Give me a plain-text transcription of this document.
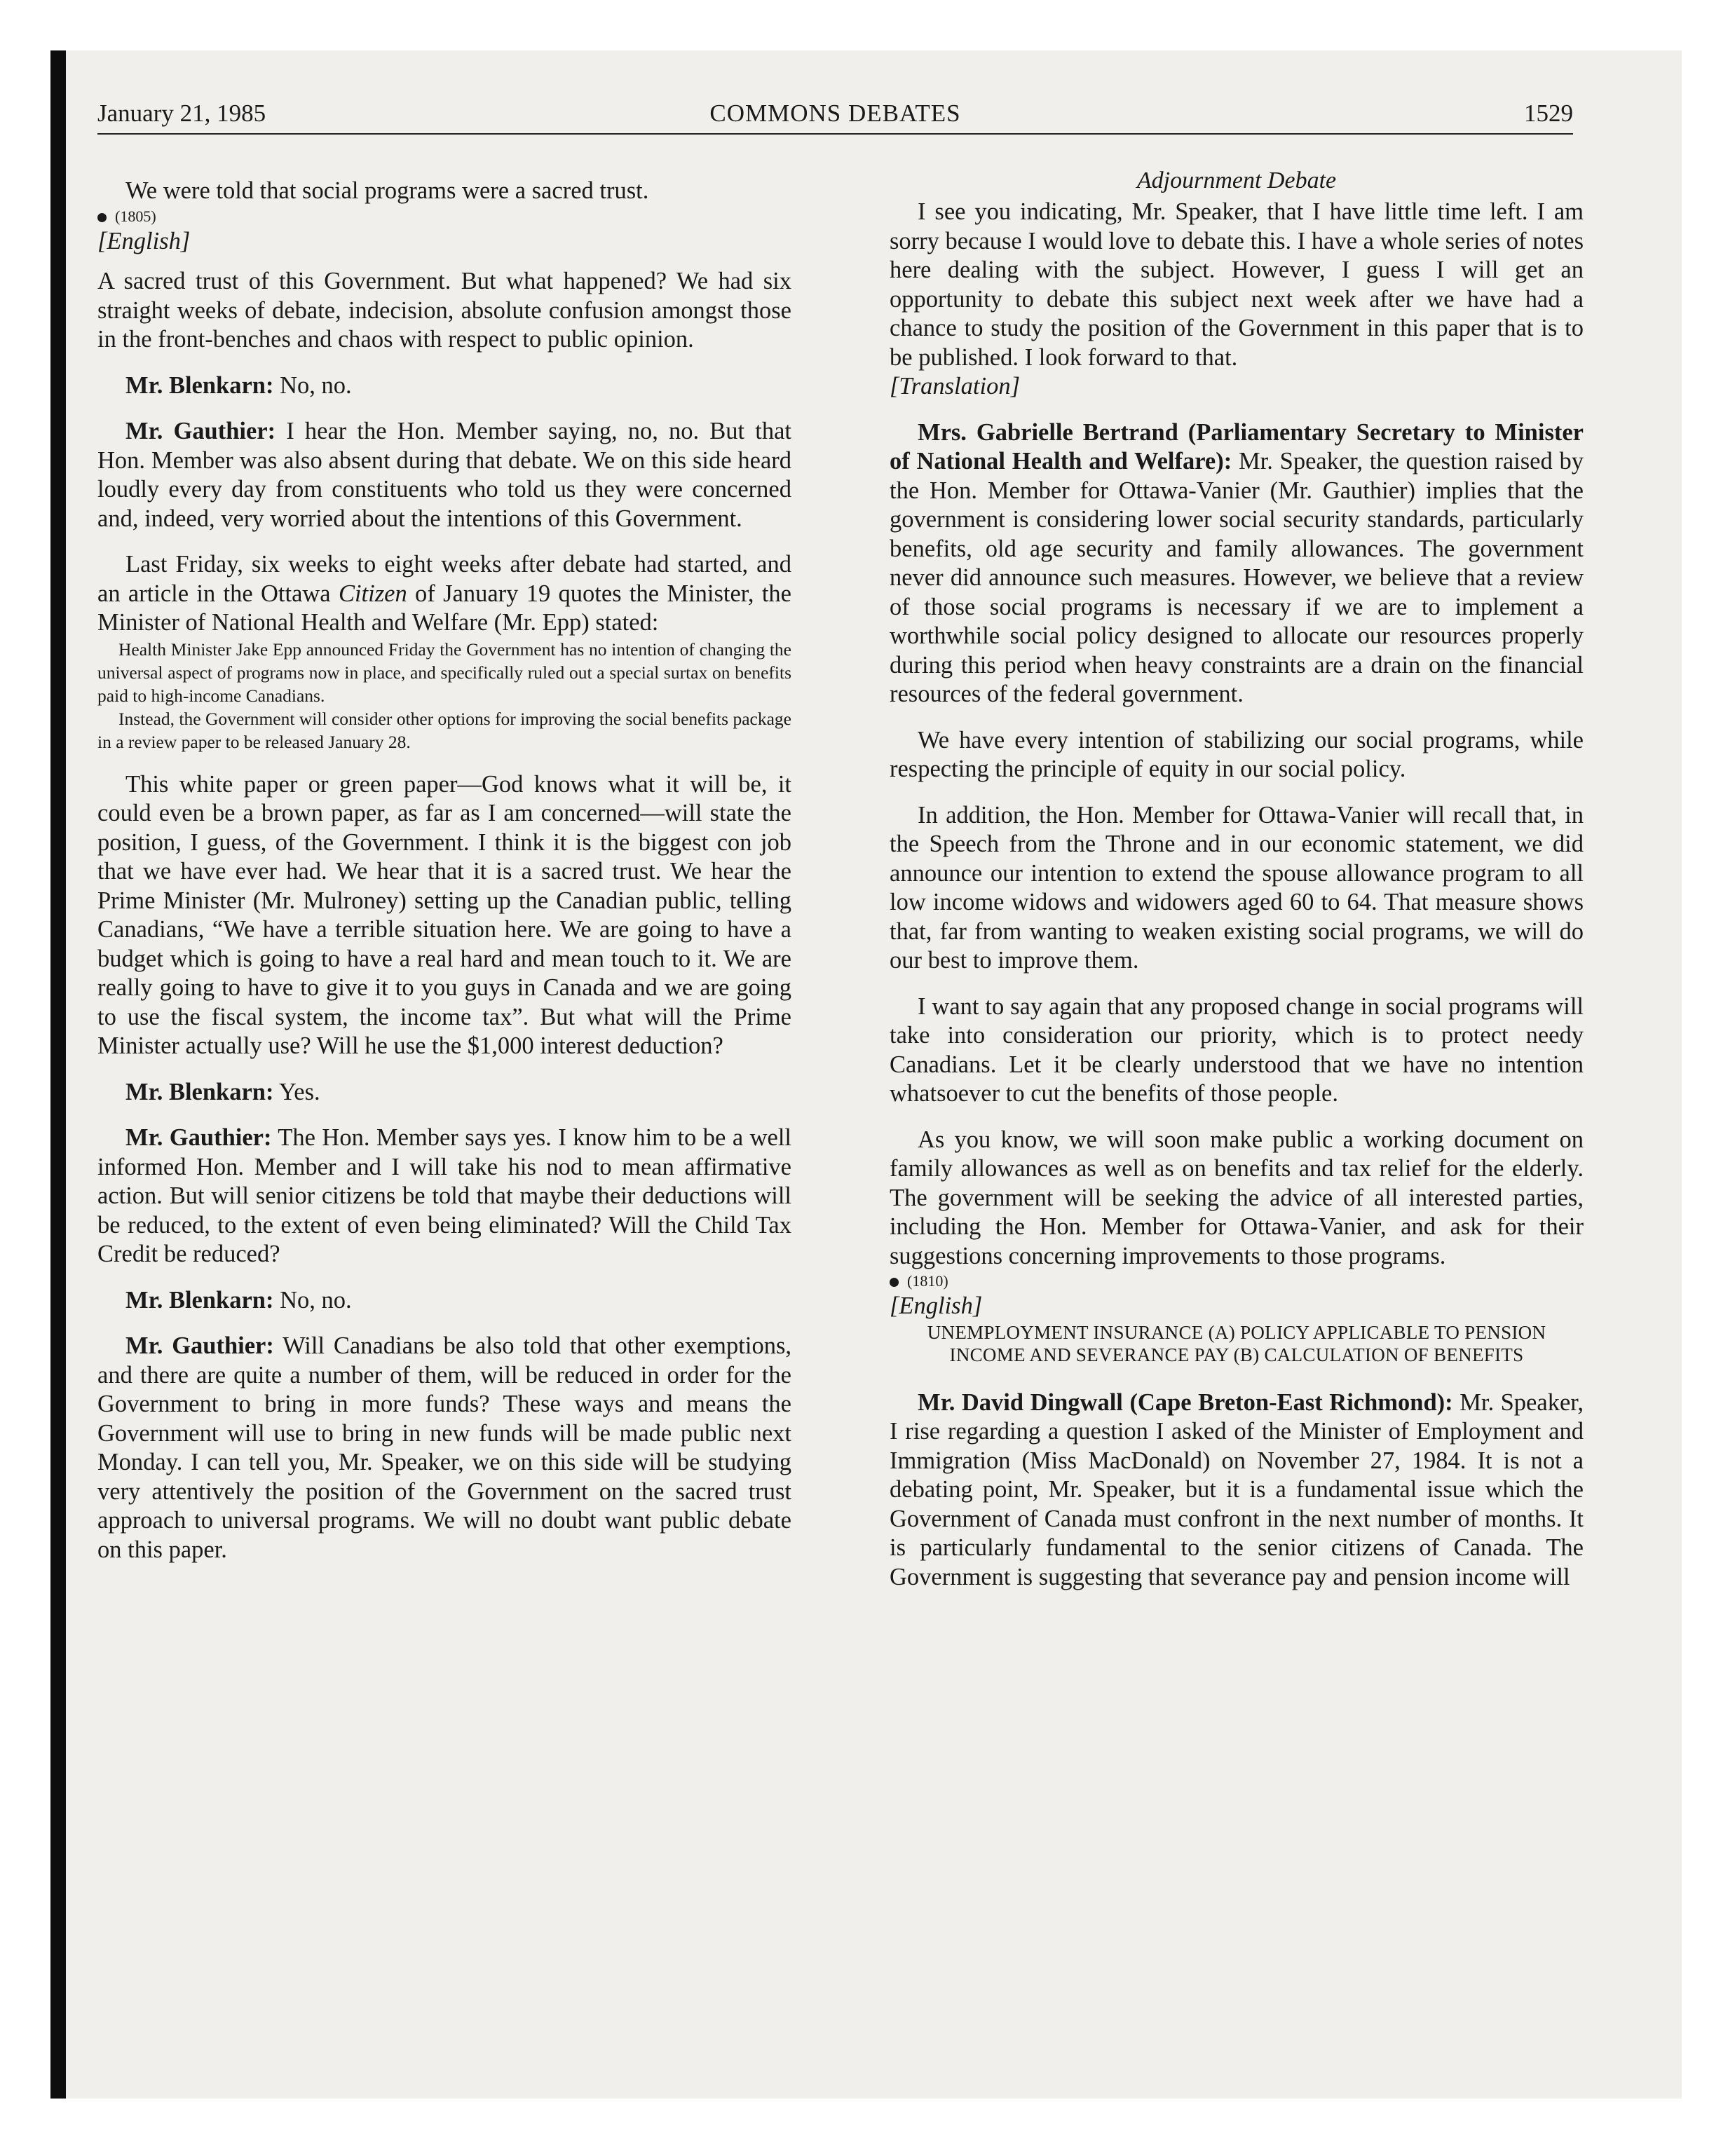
January 21, 1985	COMMONS DEBATES	1529

We were told that social programs were a sacred trust.

(1805)

[English]

A sacred trust of this Government. But what happened? We had six straight weeks of debate, indecision, absolute confusion amongst those in the front-benches and chaos with respect to public opinion.

Mr. Blenkarn: No, no.

Mr. Gauthier: I hear the Hon. Member saying, no, no. But that Hon. Member was also absent during that debate. We on this side heard loudly every day from constituents who told us they were concerned and, indeed, very worried about the intentions of this Government.

Last Friday, six weeks to eight weeks after debate had started, and an article in the Ottawa Citizen of January 19 quotes the Minister, the Minister of National Health and Welfare (Mr. Epp) stated:

Health Minister Jake Epp announced Friday the Government has no intention of changing the universal aspect of programs now in place, and specifically ruled out a special surtax on benefits paid to high-income Canadians.

Instead, the Government will consider other options for improving the social benefits package in a review paper to be released January 28.

This white paper or green paper—God knows what it will be, it could even be a brown paper, as far as I am concerned—will state the position, I guess, of the Government. I think it is the biggest con job that we have ever had. We hear that it is a sacred trust. We hear the Prime Minister (Mr. Mulroney) setting up the Canadian public, telling Canadians, “We have a terrible situation here. We are going to have a budget which is going to have a real hard and mean touch to it. We are really going to have to give it to you guys in Canada and we are going to use the fiscal system, the income tax”. But what will the Prime Minister actually use? Will he use the $1,000 interest deduction?

Mr. Blenkarn: Yes.

Mr. Gauthier: The Hon. Member says yes. I know him to be a well informed Hon. Member and I will take his nod to mean affirmative action. But will senior citizens be told that maybe their deductions will be reduced, to the extent of even being eliminated? Will the Child Tax Credit be reduced?

Mr. Blenkarn: No, no.

Mr. Gauthier: Will Canadians be also told that other exemptions, and there are quite a number of them, will be reduced in order for the Government to bring in more funds? These ways and means the Government will use to bring in new funds will be made public next Monday. I can tell you, Mr. Speaker, we on this side will be studying very attentively the position of the Government on the sacred trust approach to universal programs. We will no doubt want public debate on this paper.

Adjournment Debate

I see you indicating, Mr. Speaker, that I have little time left. I am sorry because I would love to debate this. I have a whole series of notes here dealing with the subject. However, I guess I will get an opportunity to debate this subject next week after we have had a chance to study the position of the Government in this paper that is to be published. I look forward to that.

[Translation]

Mrs. Gabrielle Bertrand (Parliamentary Secretary to Minister of National Health and Welfare): Mr. Speaker, the question raised by the Hon. Member for Ottawa-Vanier (Mr. Gauthier) implies that the government is considering lower social security standards, particularly benefits, old age security and family allowances. The government never did announce such measures. However, we believe that a review of those social programs is necessary if we are to implement a worthwhile social policy designed to allocate our resources properly during this period when heavy constraints are a drain on the financial resources of the federal government.

We have every intention of stabilizing our social programs, while respecting the principle of equity in our social policy.

In addition, the Hon. Member for Ottawa-Vanier will recall that, in the Speech from the Throne and in our economic statement, we did announce our intention to extend the spouse allowance program to all low income widows and widowers aged 60 to 64. That measure shows that, far from wanting to weaken existing social programs, we will do our best to improve them.

I want to say again that any proposed change in social programs will take into consideration our priority, which is to protect needy Canadians. Let it be clearly understood that we have no intention whatsoever to cut the benefits of those people.

As you know, we will soon make public a working document on family allowances as well as on benefits and tax relief for the elderly. The government will be seeking the advice of all interested parties, including the Hon. Member for Ottawa-Vanier, and ask for their suggestions concerning improvements to those programs.

(1810)

[English]

UNEMPLOYMENT INSURANCE (A) POLICY APPLICABLE TO PENSION INCOME AND SEVERANCE PAY (B) CALCULATION OF BENEFITS

Mr. David Dingwall (Cape Breton-East Richmond): Mr. Speaker, I rise regarding a question I asked of the Minister of Employment and Immigration (Miss MacDonald) on November 27, 1984. It is not a debating point, Mr. Speaker, but it is a fundamental issue which the Government of Canada must confront in the next number of months. It is particularly fundamental to the senior citizens of Canada. The Government is suggesting that severance pay and pension income will
